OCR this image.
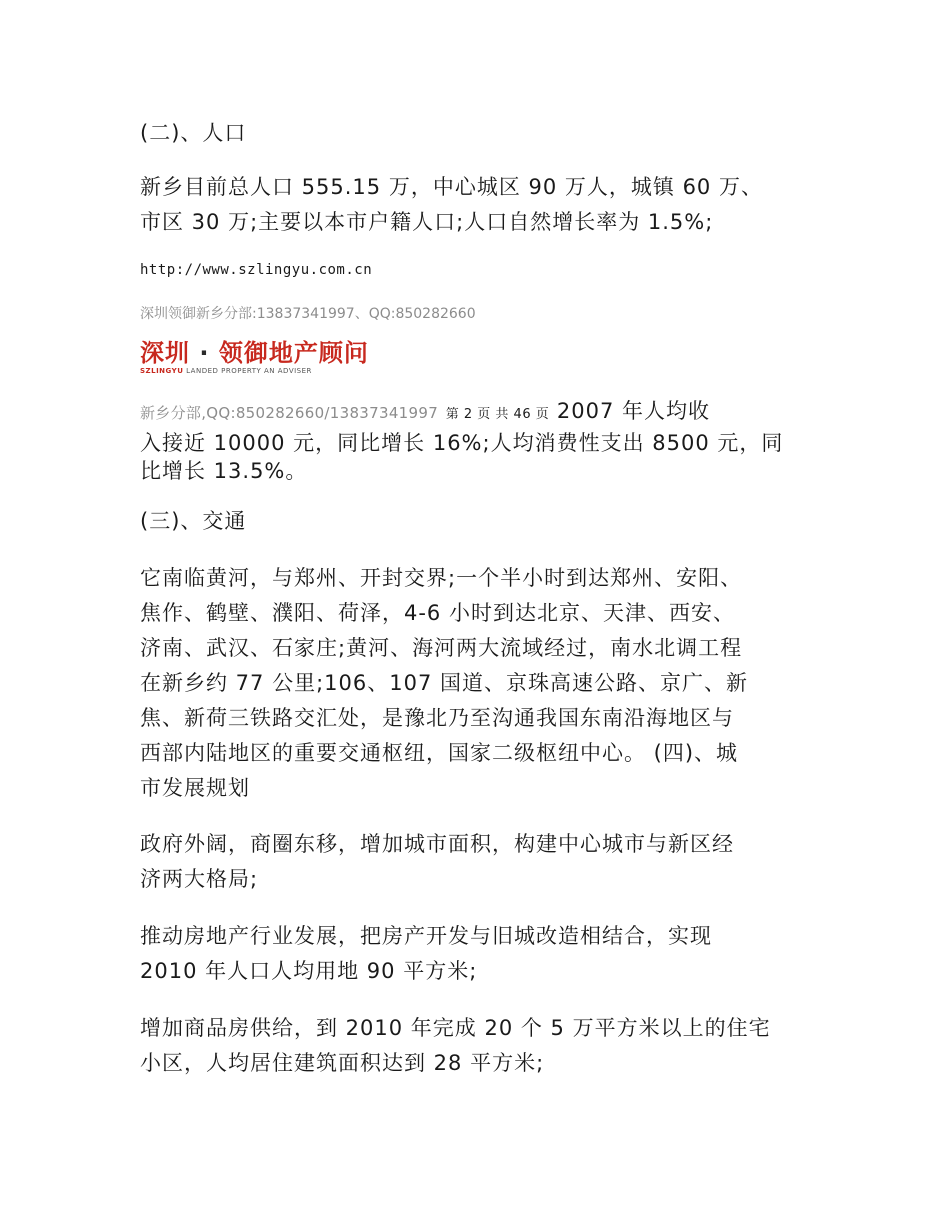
(二)、人口
新乡目前总人口 555.15 万，中心城区 90 万人，城镇 60 万、
市区 30 万;主要以本市户籍人口;人口自然增长率为 1.5%;
http://www.szlingyu.com.cn
深圳领御新乡分部:13837341997、QQ:850282660
深圳 · 领御地产顾问
SZLINGYU LANDED PROPERTY AN ADVISER
新乡分部,QQ:850282660/13837341997 第 2 页 共 46 页 2007 年人均收
入接近 10000 元，同比增长 16%;人均消费性支出 8500 元，同
比增长 13.5%。
(三)、交通
它南临黄河，与郑州、开封交界;一个半小时到达郑州、安阳、
焦作、鹤壁、濮阳、荷泽，4-6 小时到达北京、天津、西安、
济南、武汉、石家庄;黄河、海河两大流域经过，南水北调工程
在新乡约 77 公里;106、107 国道、京珠高速公路、京广、新
焦、新荷三铁路交汇处，是豫北乃至沟通我国东南沿海地区与
西部内陆地区的重要交通枢纽，国家二级枢纽中心。 (四)、城
市发展规划
政府外阔，商圈东移，增加城市面积，构建中心城市与新区经
济两大格局;
推动房地产行业发展，把房产开发与旧城改造相结合，实现
2010 年人口人均用地 90 平方米;
增加商品房供给，到 2010 年完成 20 个 5 万平方米以上的住宅
小区，人均居住建筑面积达到 28 平方米;
